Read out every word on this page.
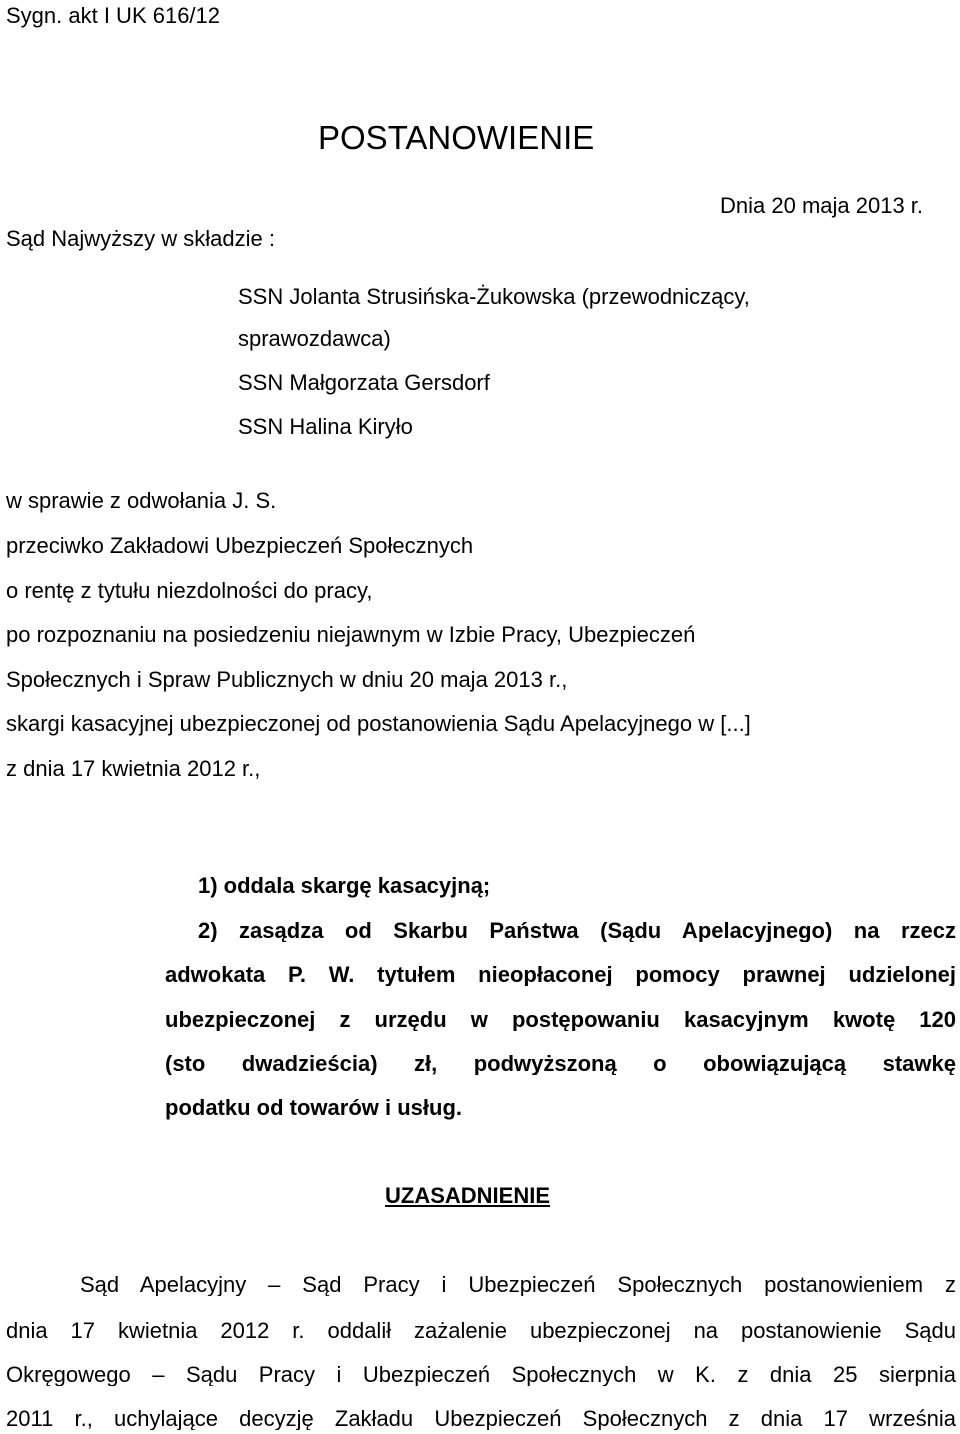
Sygn. akt I UK 616/12
POSTANOWIENIE
Dnia 20 maja 2013 r.
Sąd Najwyższy w składzie :
SSN Jolanta Strusińska-Żukowska (przewodniczący,
sprawozdawca)
SSN Małgorzata Gersdorf
SSN Halina Kiryło
w sprawie z odwołania J. S.
przeciwko Zakładowi Ubezpieczeń Społecznych
o rentę z tytułu niezdolności do pracy,
po rozpoznaniu na posiedzeniu niejawnym w Izbie Pracy, Ubezpieczeń
Społecznych i Spraw Publicznych w dniu 20 maja 2013 r.,
skargi kasacyjnej ubezpieczonej od postanowienia Sądu Apelacyjnego w [...]
z dnia 17 kwietnia 2012 r.,
1) oddala skargę kasacyjną;
2) zasądza od Skarbu Państwa (Sądu Apelacyjnego) na rzecz
adwokata P. W. tytułem nieopłaconej pomocy prawnej udzielonej
ubezpieczonej z urzędu w postępowaniu kasacyjnym kwotę 120
(sto dwadzieścia) zł, podwyższoną o obowiązującą stawkę
podatku od towarów i usług.
UZASADNIENIE
Sąd Apelacyjny – Sąd Pracy i Ubezpieczeń Społecznych postanowieniem z
dnia 17 kwietnia 2012 r. oddalił zażalenie ubezpieczonej na postanowienie Sądu
Okręgowego – Sądu Pracy i Ubezpieczeń Społecznych w K. z dnia 25 sierpnia
2011 r., uchylające decyzję Zakładu Ubezpieczeń Społecznych z dnia 17 września
